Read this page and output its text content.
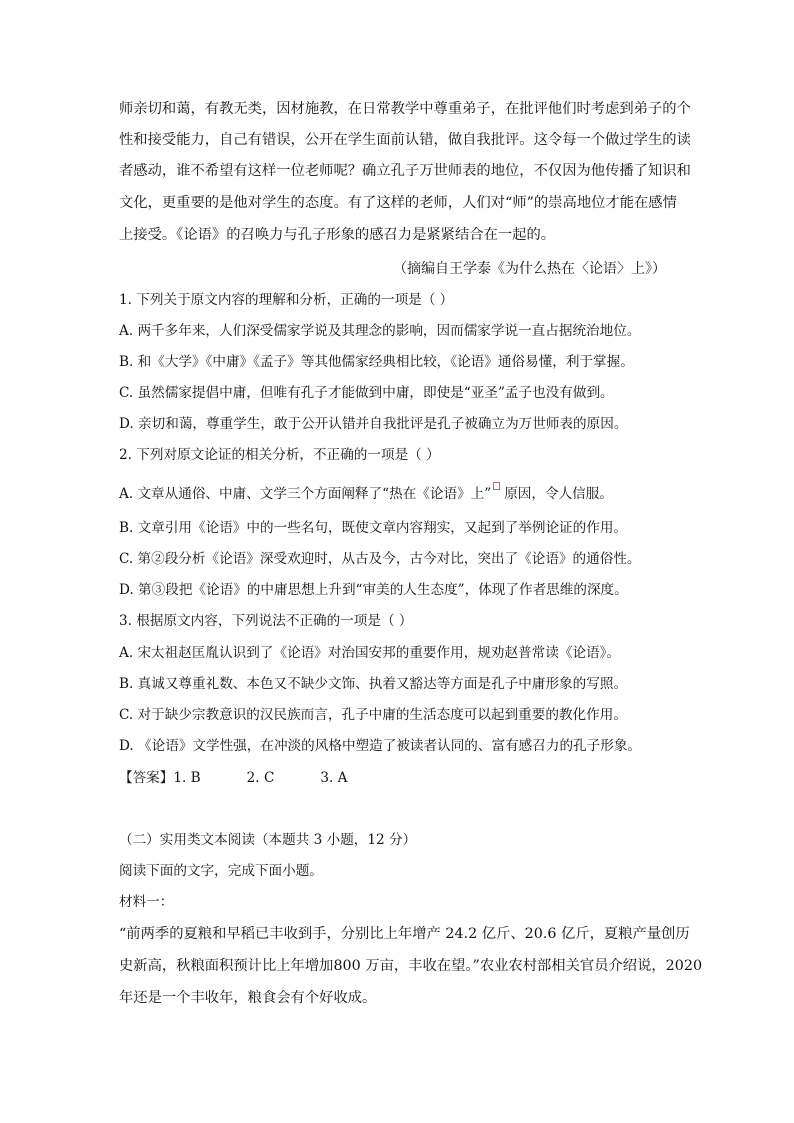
师亲切和蔼，有教无类，因材施教，在日常教学中尊重弟子，在批评他们时考虑到弟子的个
性和接受能力，自己有错误，公开在学生面前认错，做自我批评。这令每一个做过学生的读
者感动，谁不希望有这样一位老师呢？确立孔子万世师表的地位，不仅因为他传播了知识和
文化，更重要的是他对学生的态度。有了这样的老师，人们对“师”的崇高地位才能在感情
上接受。《论语》的召唤力与孔子形象的感召力是紧紧结合在一起的。
（摘编自王学泰《为什么热在〈论语〉上》）
1. 下列关于原文内容的理解和分析，正确的一项是（ ）
A. 两千多年来，人们深受儒家学说及其理念的影响，因而儒家学说一直占据统治地位。
B. 和《大学》《中庸》《孟子》等其他儒家经典相比较，《论语》通俗易懂，利于掌握。
C. 虽然儒家提倡中庸，但唯有孔子才能做到中庸，即使是“亚圣”孟子也没有做到。
D. 亲切和蔼，尊重学生，敢于公开认错并自我批评是孔子被确立为万世师表的原因。
2. 下列对原文论证的相关分析，不正确的一项是（ ）
A. 文章从通俗、中庸、文学三个方面阐释了“热在《论语》上” 原因，令人信服。
B. 文章引用《论语》中的一些名句，既使文章内容翔实，又起到了举例论证的作用。
C. 第②段分析《论语》深受欢迎时，从古及今，古今对比，突出了《论语》的通俗性。
D. 第③段把《论语》的中庸思想上升到“审美的人生态度”，体现了作者思维的深度。
3. 根据原文内容，下列说法不正确的一项是（ ）
A. 宋太祖赵匡胤认识到了《论语》对治国安邦的重要作用，规劝赵普常读《论语》。
B. 真诚又尊重礼数、本色又不缺少文饰、执着又豁达等方面是孔子中庸形象的写照。
C. 对于缺少宗教意识的汉民族而言，孔子中庸的生活态度可以起到重要的教化作用。
D. 《论语》文学性强，在冲淡的风格中塑造了被读者认同的、富有感召力的孔子形象。
【答案】1. B	2. C	3. A
（二）实用类文本阅读（本题共 3 小题，12 分）
阅读下面的文字，完成下面小题。
材料一：
“前两季的夏粮和早稻已丰收到手，分别比上年增产 24.2 亿斤、20.6 亿斤，夏粮产量创历
史新高，秋粮面积预计比上年增加800 万亩，丰收在望。”农业农村部相关官员介绍说，2020
年还是一个丰收年，粮食会有个好收成。
